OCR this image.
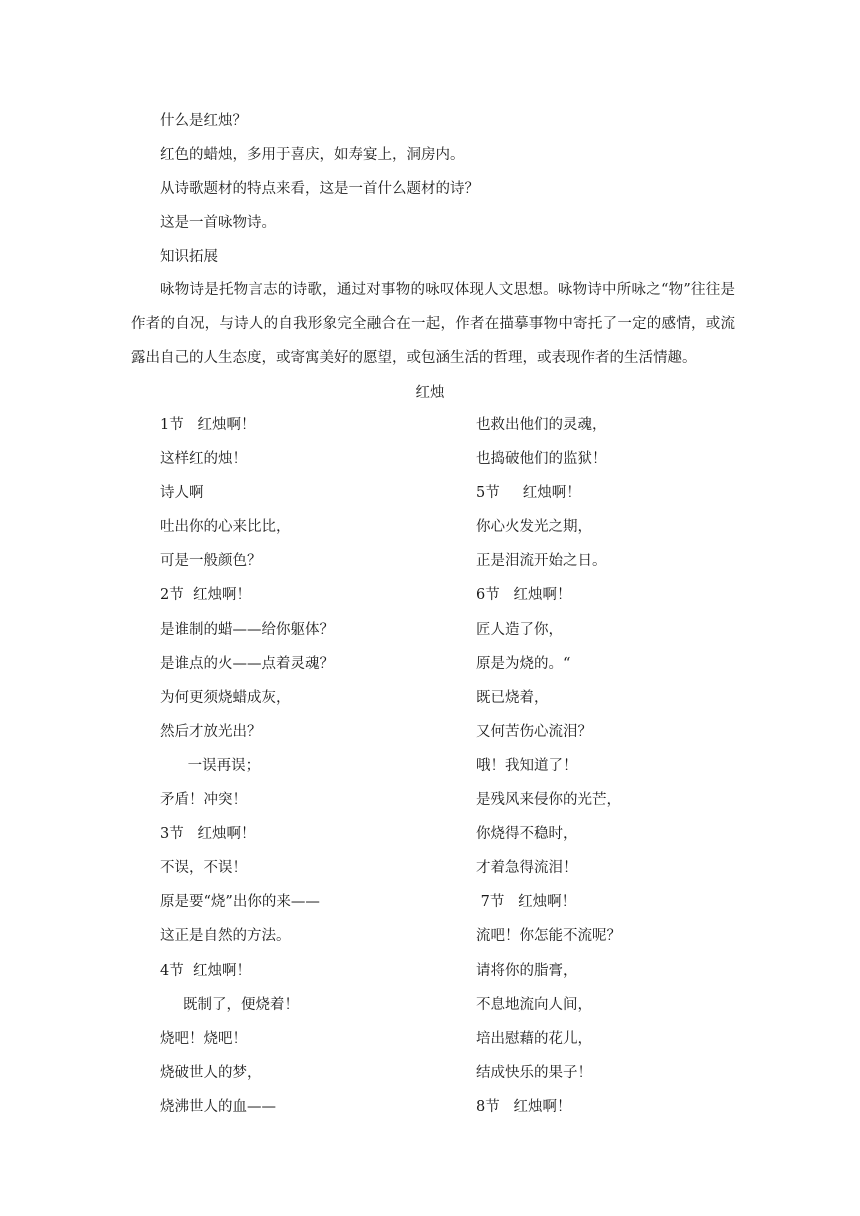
什么是红烛？
红色的蜡烛，多用于喜庆，如寿宴上，洞房内。
从诗歌题材的特点来看，这是一首什么题材的诗？
这是一首咏物诗。
知识拓展
咏物诗是托物言志的诗歌，通过对事物的咏叹体现人文思想。咏物诗中所咏之“物”往往是作者的自况，与诗人的自我形象完全融合在一起，作者在描摹事物中寄托了一定的感情，或流露出自己的人生态度，或寄寓美好的愿望，或包涵生活的哲理，或表现作者的生活情趣。
红烛
1节   红烛啊！
这样红的烛！
诗人啊
吐出你的心来比比，
可是一般颜色？
2节  红烛啊！
是谁制的蜡——给你躯体？
是谁点的火——点着灵魂？
为何更须烧蜡成灰，
然后才放光出？
一误再误；
矛盾！冲突！
3节   红烛啊！
不误，不误！
原是要“烧”出你的来——
这正是自然的方法。
4节  红烛啊！
既制了，便烧着！
烧吧！烧吧！
烧破世人的梦，
烧沸世人的血——
也救出他们的灵魂，
也捣破他们的监狱！
5节     红烛啊！
你心火发光之期，
正是泪流开始之日。
6节   红烛啊！
匠人造了你，
原是为烧的。“
既已烧着，
又何苦伤心流泪？
哦！我知道了！
是残风来侵你的光芒，
你烧得不稳时，
才着急得流泪！
7节   红烛啊！
流吧！你怎能不流呢？
请将你的脂膏，
不息地流向人间，
培出慰藉的花儿，
结成快乐的果子！
8节   红烛啊！
